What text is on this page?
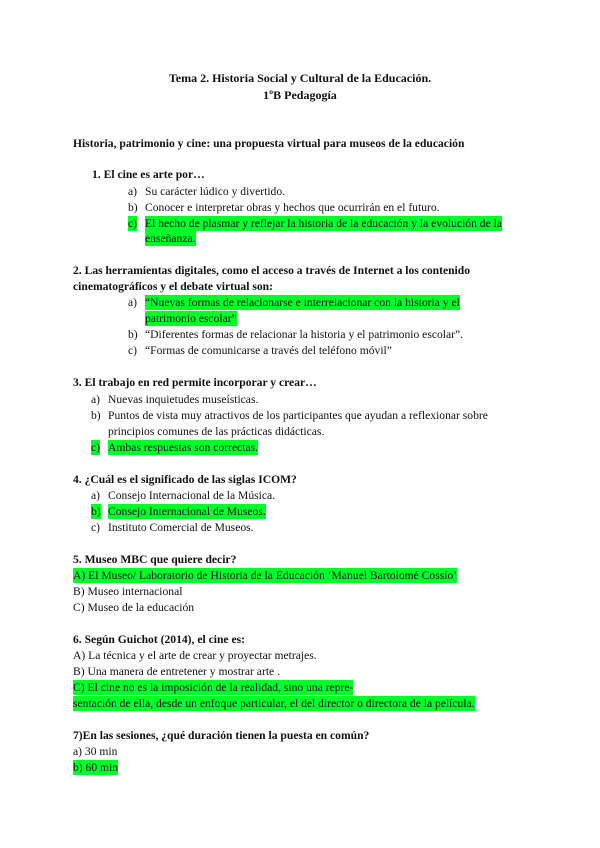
Tema 2. Historia Social y Cultural de la Educación.
1ºB Pedagogía
Historia, patrimonio y cine: una propuesta virtual para museos de la educación
1. El cine es arte por…
a) Su carácter lúdico y divertido.
b) Conocer e interpretar obras y hechos que ocurrirán en el futuro.
c) El hecho de plasmar y reflejar la historia de la educación y la evolución de la
enseñanza.
2. Las herramientas digitales, como el acceso a través de Internet a los contenido
cinematográficos y el debate virtual son:
a) “Nuevas formas de relacionarse e interrelacionar con la historia y el
patrimonio escolar”
b) “Diferentes formas de relacionar la historia y el patrimonio escolar”.
c) “Formas de comunicarse a través del teléfono móvil”
3. El trabajo en red permite incorporar y crear…
a) Nuevas inquietudes museísticas.
b) Puntos de vista muy atractivos de los participantes que ayudan a reflexionar sobre
principios comunes de las prácticas didácticas.
c) Ambas respuestas son correctas.
4. ¿Cuál es el significado de las siglas ICOM?
a) Consejo Internacional de la Música.
b) Consejo Internacional de Museos.
c) Instituto Comercial de Museos.
5. Museo MBC que quiere decir?
A) El Museo/ Laboratorio de Historia de la Educación ‘Manuel Bartolomé Cossío’
B) Museo internacional
C) Museo de la educación
6. Según Guichot (2014), el cine es:
A) La técnica y el arte de crear y proyectar metrajes.
B) Una manera de entretener y mostrar arte .
C) El cine no es la imposición de la realidad, sino una repre-
sentación de ella, desde un enfoque particular, el del director o directora de la película.
7)En las sesiones, ¿qué duración tienen la puesta en común?
a) 30 min
b) 60 min
